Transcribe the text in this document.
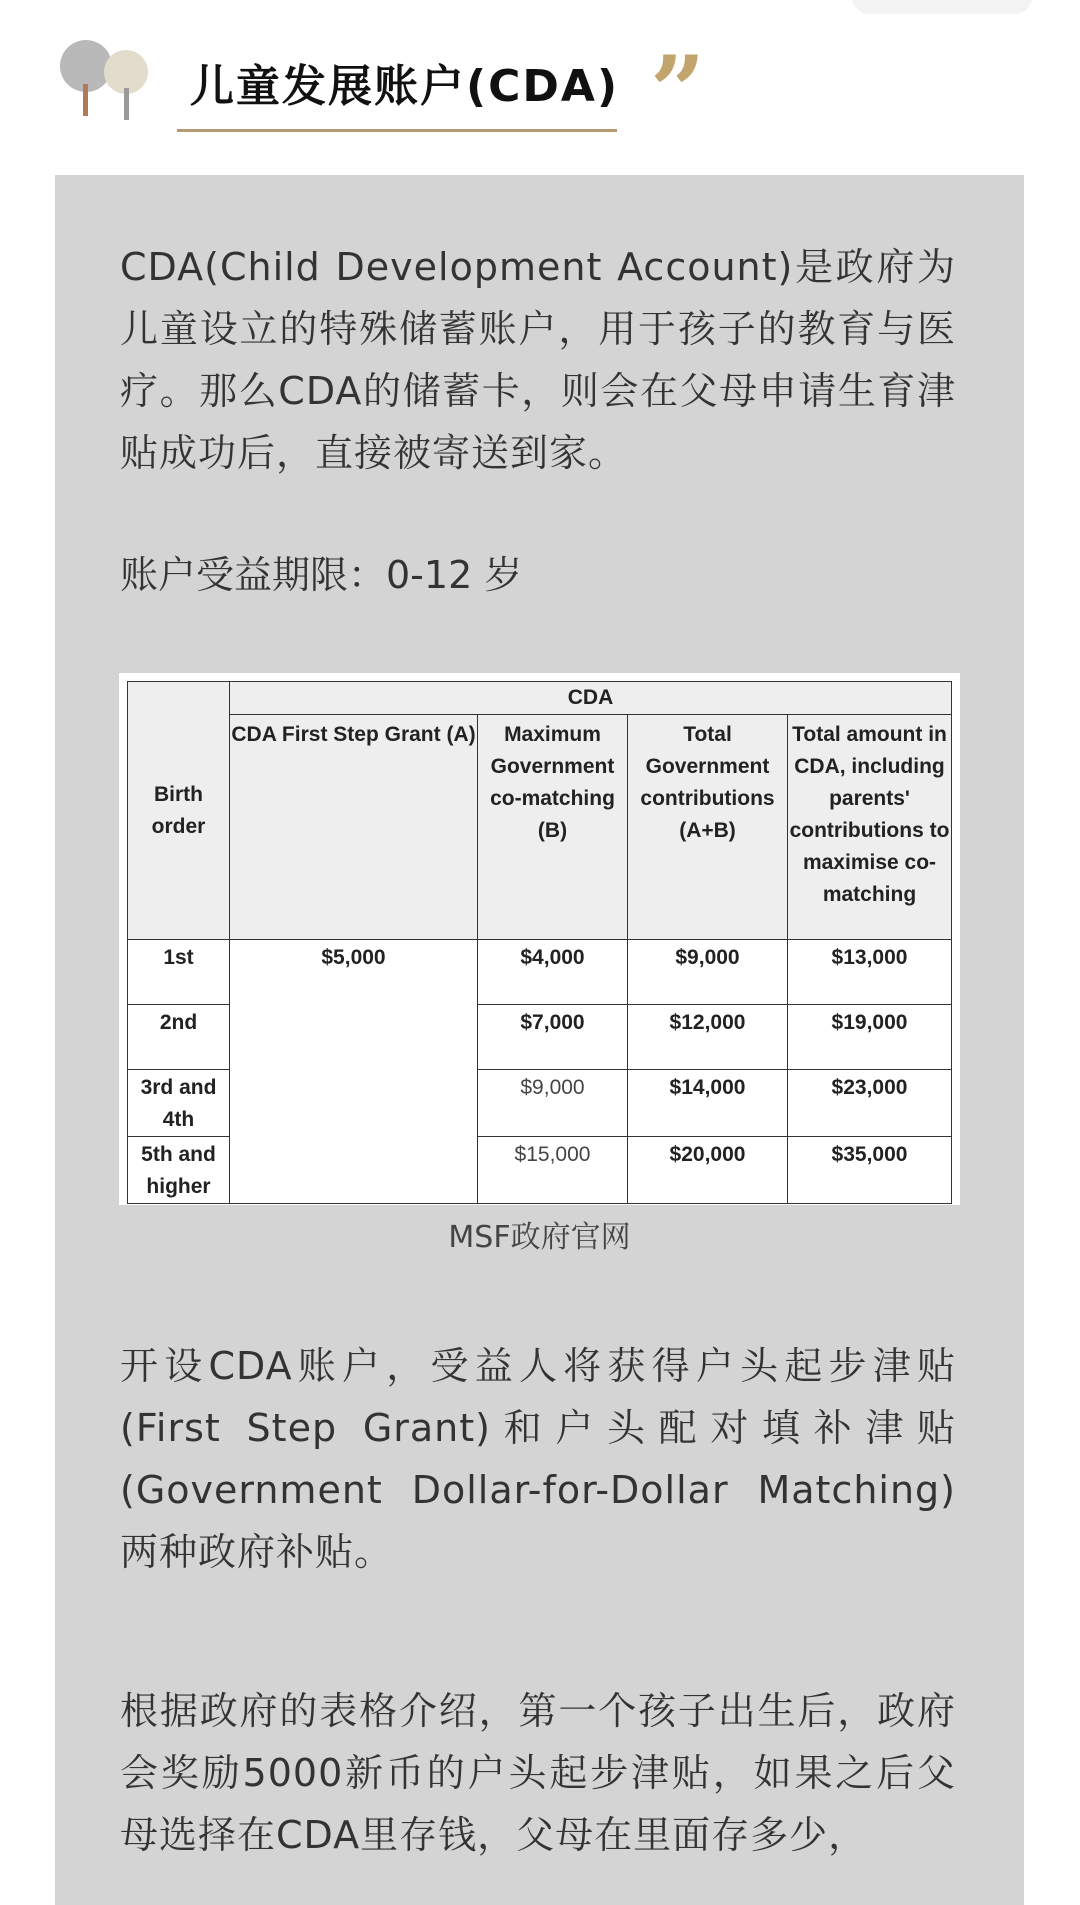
儿童发展账户(CDA) ”

CDA(Child Development Account)是政府为儿童设立的特殊储蓄账户，用于孩子的教育与医疗。那么CDA的储蓄卡，则会在父母申请生育津贴成功后，直接被寄送到家。

账户受益期限：0-12 岁

Birth order	CDA			
	CDA First Step Grant (A)	Maximum Government co-matching (B)	Total Government contributions (A+B)	Total amount in CDA, including parents' contributions to maximise co-matching
1st	$5,000	$4,000	$9,000	$13,000
2nd		$7,000	$12,000	$19,000
3rd and 4th		$9,000	$14,000	$23,000
5th and higher		$15,000	$20,000	$35,000
MSF政府官网

开设CDA账户，受益人将获得户头起步津贴(First Step Grant)和户头配对填补津贴(Government Dollar-for-Dollar Matching)两种政府补贴。

根据政府的表格介绍，第一个孩子出生后，政府会奖励5000新币的户头起步津贴，如果之后父母选择在CDA里存钱，父母在里面存多少，
